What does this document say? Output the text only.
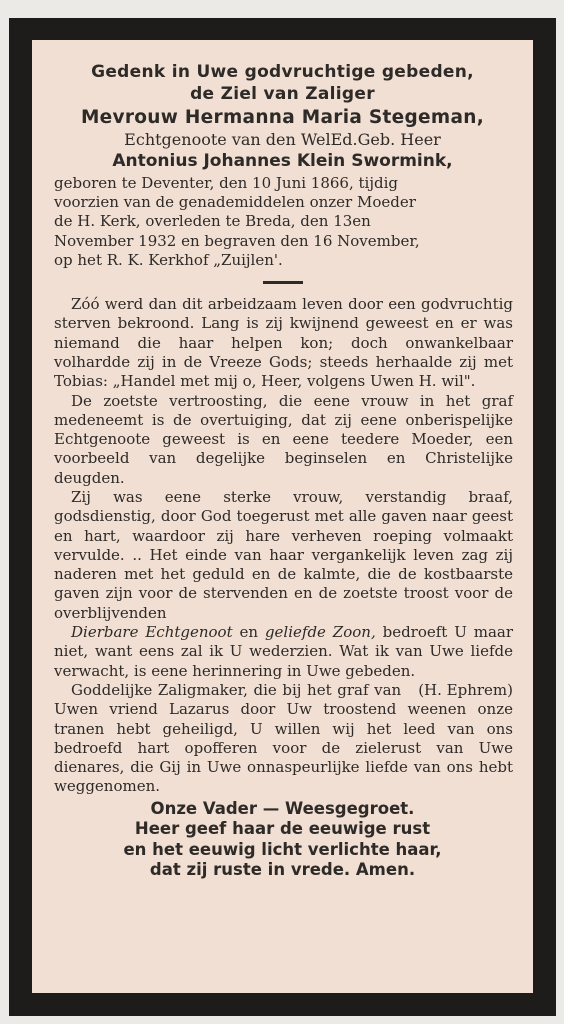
Gedenk in Uwe godvruchtige gebeden,
de Ziel van Zaliger
Mevrouw Hermanna Maria Stegeman,
Echtgenoote van den WelEd.Geb. Heer
Antonius Johannes Klein Swormink,
geboren te Deventer, den 10 Juni 1866, tijdig
voorzien van de genademiddelen onzer Moeder
de H. Kerk, overleden te Breda, den 13en
November 1932 en begraven den 16 November,
op het R. K. Kerkhof „Zuijlen'.

Zóó werd dan dit arbeidzaam leven door een godvruchtig sterven bekroond. Lang is zij kwijnend geweest en er was niemand die haar helpen kon; doch onwankelbaar volhardde zij in de Vreeze Gods; steeds herhaalde zij met Tobias: „Handel met mij o, Heer, volgens Uwen H. wil".

De zoetste vertroosting, die eene vrouw in het graf medeneemt is de overtuiging, dat zij eene onberispelijke Echtgenoote geweest is en eene teedere Moeder, een voorbeeld van degelijke beginselen en Christelijke deugden.

Zij was eene sterke vrouw, verstandig braaf, godsdienstig, door God toegerust met alle gaven naar geest en hart, waardoor zij hare verheven roeping volmaakt vervulde. .. Het einde van haar vergankelijk leven zag zij naderen met het geduld en de kalmte, die de kostbaarste gaven zijn voor de stervenden en de zoetste troost voor de overblijvenden

Dierbare Echtgenoot en geliefde Zoon, bedroeft U maar niet, want eens zal ik U wederzien. Wat ik van Uwe liefde verwacht, is eene herinnering in Uwe gebeden.
(H. Ephrem)

Goddelijke Zaligmaker, die bij het graf van Uwen vriend Lazarus door Uw troostend weenen onze tranen hebt geheiligd, U willen wij het leed van ons bedroefd hart opofferen voor de zielerust van Uwe dienares, die Gij in Uwe onnaspeurlijke liefde van ons hebt weggenomen.

Onze Vader — Weesgegroet.
Heer geef haar de eeuwige rust
en het eeuwig licht verlichte haar,
dat zij ruste in vrede. Amen.
